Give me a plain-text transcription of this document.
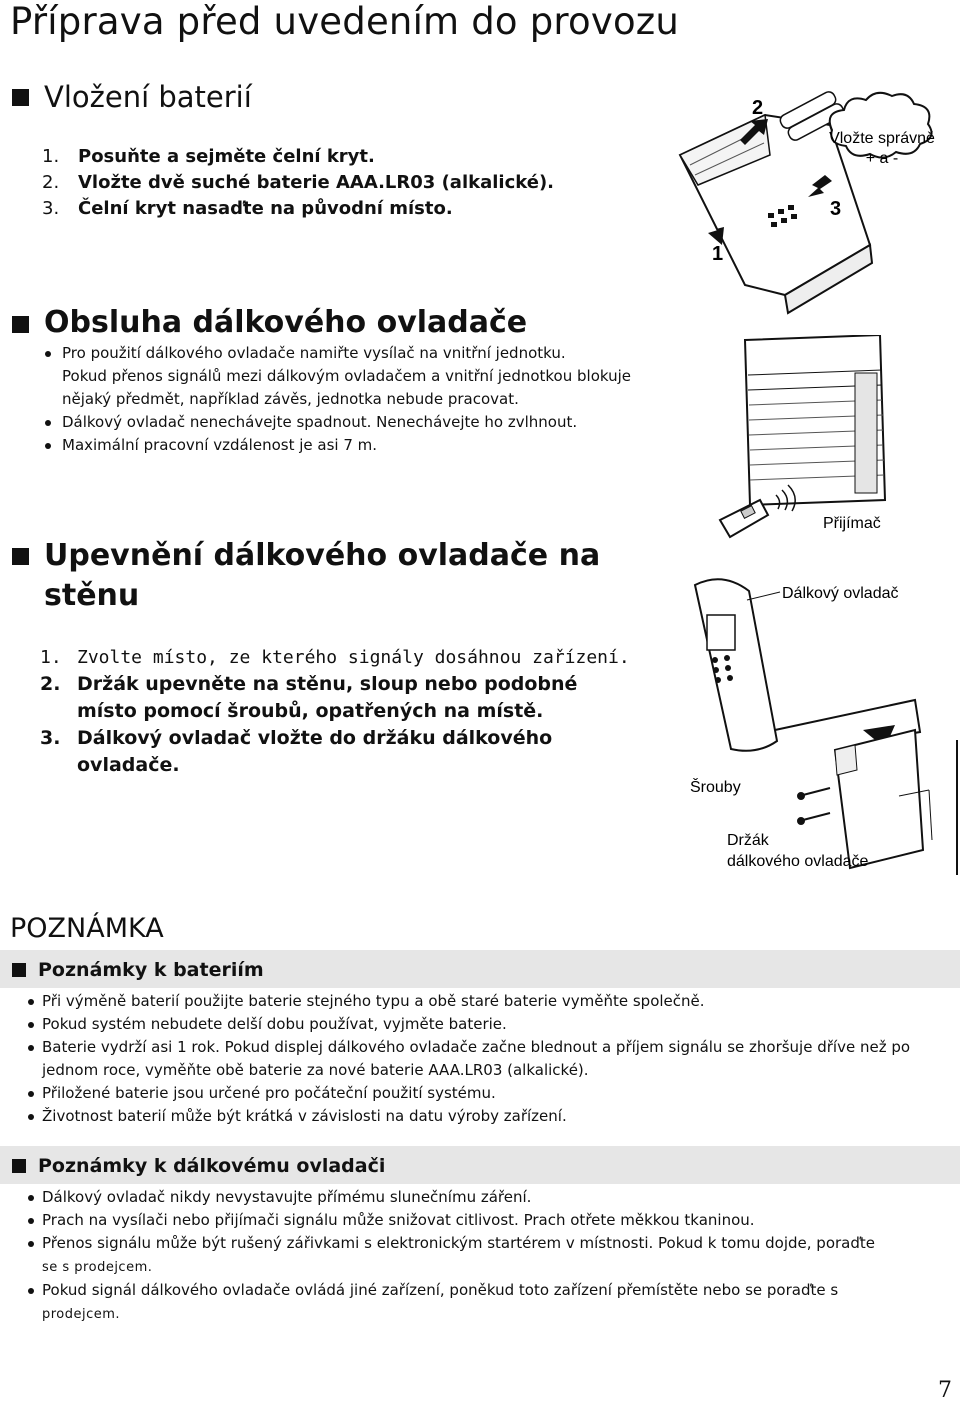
Příprava před uvedením do provozu
Vložení baterií
1. Posuňte a sejměte čelní kryt.
2. Vložte dvě suché baterie AAA.LR03 (alkalické).
3. Čelní kryt nasaďte na původní místo.
Vložte správně
+ a -
2
3
1
Obsluha dálkového ovladače
Pro použití dálkového ovladače namiřte vysílač na vnitřní jednotku.
Pokud přenos signálů mezi dálkovým ovladačem a vnitřní jednotkou blokuje nějaký předmět, například závěs, jednotka nebude pracovat.
Dálkový ovladač nenechávejte spadnout. Nenechávejte ho zvlhnout.
Maximální pracovní vzdálenost je asi 7 m.
Přijímač
Upevnění dálkového ovladače na stěnu
1. Zvolte místo, ze kterého signály dosáhnou zařízení.
2. Držák upevněte na stěnu, sloup nebo podobné místo pomocí šroubů, opatřených na místě.
3. Dálkový ovladač vložte do držáku dálkového ovladače.
Dálkový ovladač
Šrouby
Držák
dálkového ovladače
POZNÁMKA
Poznámky k bateriím
Při výměně baterií použijte baterie stejného typu a obě staré baterie vyměňte společně.
Pokud systém nebudete delší dobu používat, vyjměte baterie.
Baterie vydrží asi 1 rok. Pokud displej dálkového ovladače začne blednout a příjem signálu se zhoršuje dříve než po jednom roce, vyměňte obě baterie za nové baterie AAA.LR03 (alkalické).
Přiložené baterie jsou určené pro počáteční použití systému.
Životnost baterií může být krátká v závislosti na datu výroby zařízení.
Poznámky k dálkovému ovladači
Dálkový ovladač nikdy nevystavujte přímému slunečnímu záření.
Prach na vysílači nebo přijímači signálu může snižovat citlivost. Prach otřete měkkou tkaninou.
Přenos signálu může být rušený zářivkami s elektronickým startérem v místnosti. Pokud k tomu dojde, poraďte
se s prodejcem.
Pokud signál dálkového ovladače ovládá jiné zařízení, poněkud toto zařízení přemístěte nebo se poraďte s
prodejcem.
7
